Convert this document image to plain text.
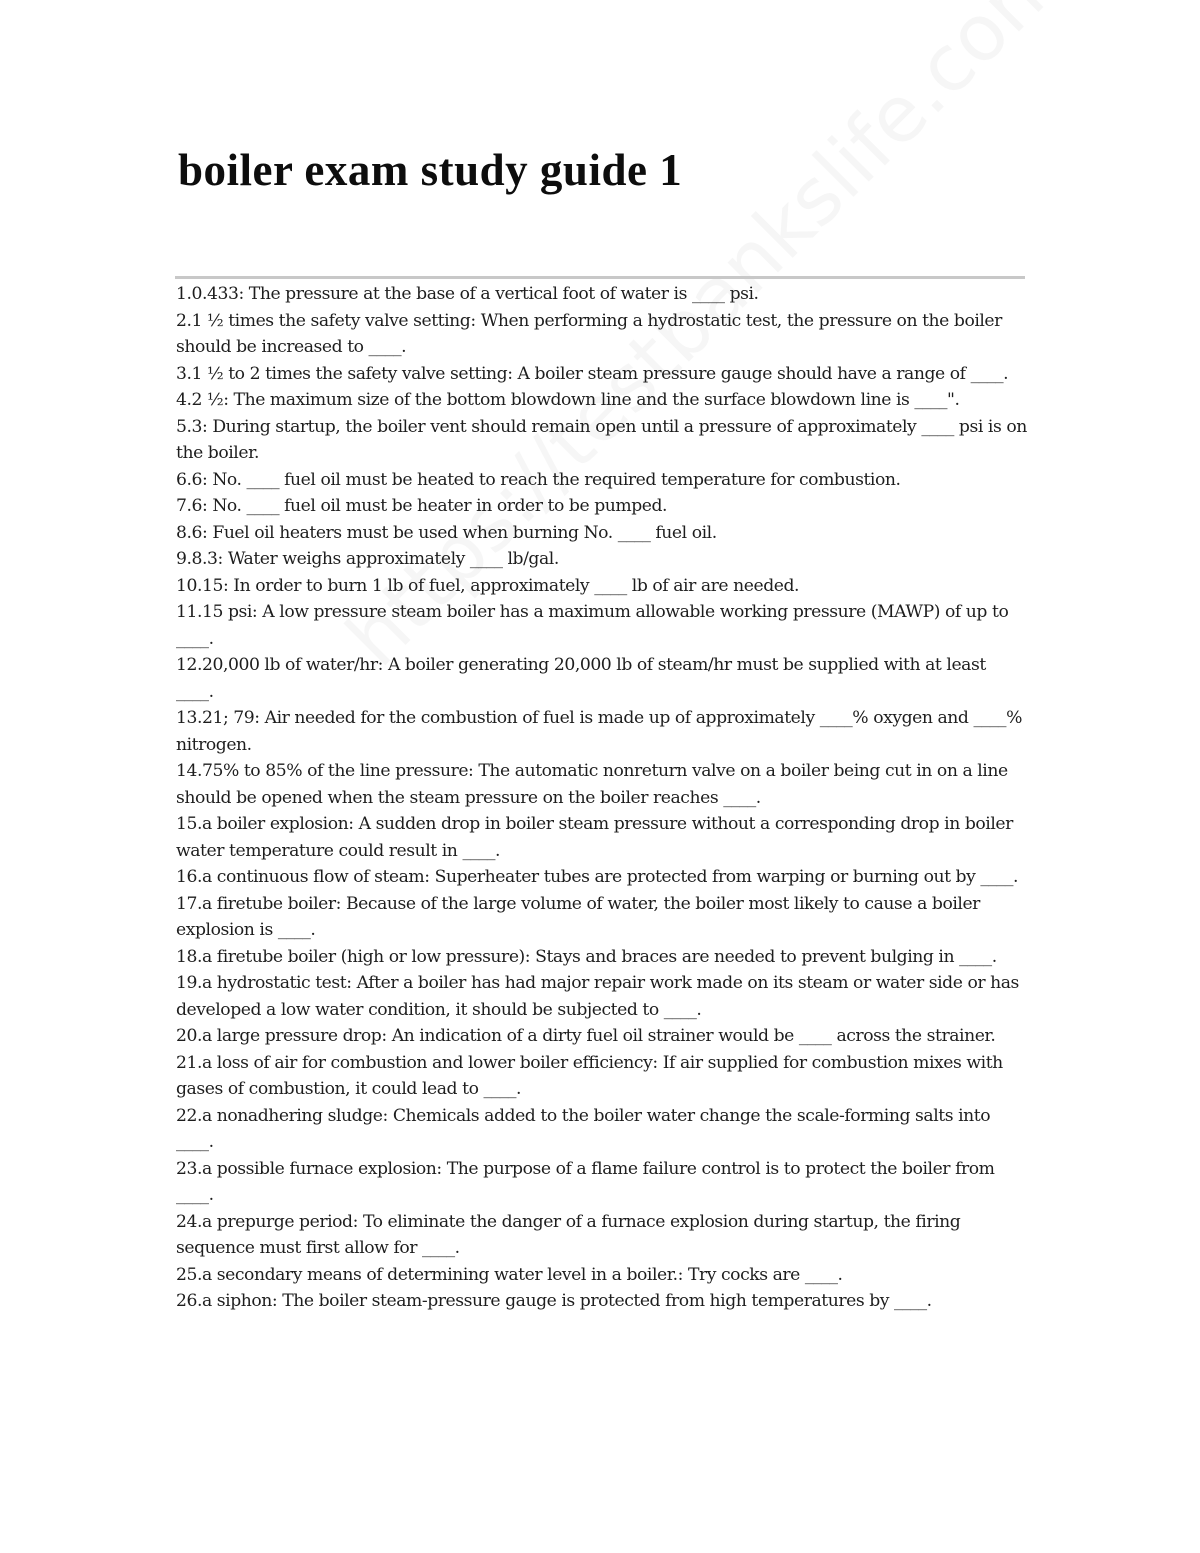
boiler exam study guide 1
1.0.433: The pressure at the base of a vertical foot of water is ____ psi.
2.1 ½ times the safety valve setting: When performing a hydrostatic test, the pressure on the boiler should be increased to ____.
3.1 ½ to 2 times the safety valve setting: A boiler steam pressure gauge should have a range of ____.
4.2 ½: The maximum size of the bottom blowdown line and the surface blowdown line is ____".
5.3: During startup, the boiler vent should remain open until a pressure of approximately ____ psi is on the boiler.
6.6: No. ____ fuel oil must be heated to reach the required temperature for combustion.
7.6: No. ____ fuel oil must be heater in order to be pumped.
8.6: Fuel oil heaters must be used when burning No. ____ fuel oil.
9.8.3: Water weighs approximately ____ lb/gal.
10.15: In order to burn 1 lb of fuel, approximately ____ lb of air are needed.
11.15 psi: A low pressure steam boiler has a maximum allowable working pressure (MAWP) of up to ____.
12.20,000 lb of water/hr: A boiler generating 20,000 lb of steam/hr must be supplied with at least ____.
13.21; 79: Air needed for the combustion of fuel is made up of approximately ____% oxygen and ____% nitrogen.
14.75% to 85% of the line pressure: The automatic nonreturn valve on a boiler being cut in on a line should be opened when the steam pressure on the boiler reaches ____.
15.a boiler explosion: A sudden drop in boiler steam pressure without a corresponding drop in boiler water temperature could result in ____.
16.a continuous flow of steam: Superheater tubes are protected from warping or burning out by ____.
17.a firetube boiler: Because of the large volume of water, the boiler most likely to cause a boiler explosion is ____.
18.a firetube boiler (high or low pressure): Stays and braces are needed to prevent bulging in ____.
19.a hydrostatic test: After a boiler has had major repair work made on its steam or water side or has developed a low water condition, it should be subjected to ____.
20.a large pressure drop: An indication of a dirty fuel oil strainer would be ____ across the strainer.
21.a loss of air for combustion and lower boiler efficiency: If air supplied for combustion mixes with gases of combustion, it could lead to ____.
22.a nonadhering sludge: Chemicals added to the boiler water change the scale-forming salts into ____.
23.a possible furnace explosion: The purpose of a flame failure control is to protect the boiler from ____.
24.a prepurge period: To eliminate the danger of a furnace explosion during startup, the firing sequence must first allow for ____.
25.a secondary means of determining water level in a boiler.: Try cocks are ____.
26.a siphon: The boiler steam-pressure gauge is protected from high temperatures by ____.
